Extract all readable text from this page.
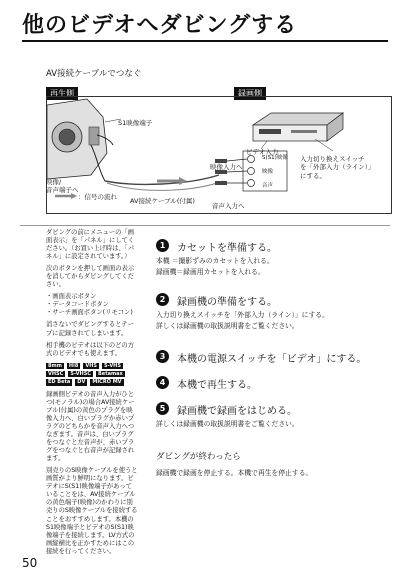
他のビデオへダビングする
AV接続ケーブルでつなぐ
再生側	録画側
S1映像端子
ビデオ入力
入力切り換えスイッチ
を「外部入力（ライン）」
にする。
映像入力へ
S(S1)映像
映像
音声
映像/
音声端子へ
：信号の流れ AV接続ケーブル(付属)
音声入力へ

ダビングの前にメニューの「画面表示」を「パネル」にしてください。（お買い上げ時は、「パネル」に設定されています。）

次のボタンを押して画面の表示を消してからダビングしてください。

・画面表示ボタン
・データコードボタン
・サーチ画面ボタン(リモコン)

消さないでダビングするとテープに記録されてしまいます。

相手機のビデオは以下のどの方式のビデオでも使えます。

8mm Hi8 VHS S-VHS VHSC S-VHSC Betamax ED Beta DV MICRO MV

録画側ビデオの音声入力がひとつ(モノラル)の場合AV接続ケーブル(付属)の黄色のプラグを映像入力へ、白いプラグか赤いプラグのどちらかを音声入力へつなぎます。音声は、白いプラグをつなぐと左音声が、赤いプラグをつなぐと右音声が記録されます。

別売りのS映像ケーブルを使うと画質がより鮮明になります。ビデオにS(S1)映像端子があっていることをは、AV接続ケーブルの黄色端子(映像)のかわりに別売りのS映像ケーブルを接続することをおすすめします。本機のS1映像端子とビデオのS(S1)映像端子を接続します。LV方式の画縦横比を正かすためにはこの接続を行ってください。

1	カセットを準備する。

本機 ＝撮影ずみのカセットを入れる。

録画機＝録画用カセットを入れる。

2	録画機の準備をする。

入力切り換えスイッチを「外部入力（ライン）」にする。

詳しくは録画機の取扱説明書をご覧ください。

3	本機の電源スイッチを「ビデオ」にする。
4	本機で再生する。
5	録画機で録画をはじめる。

詳しくは録画機の取扱説明書をご覧ください。

ダビングが終わったら
録画機で録画を停止する。本機で再生を停止する。
50
